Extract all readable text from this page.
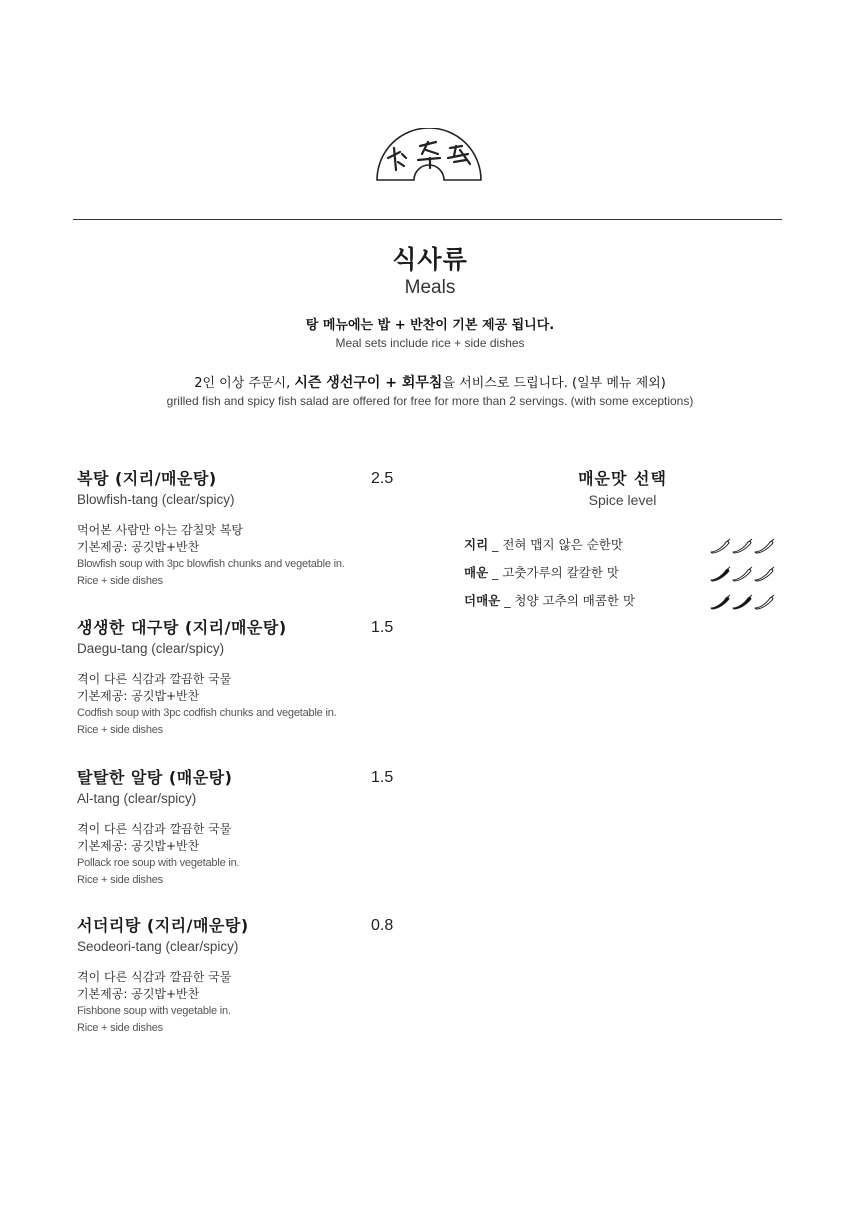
식사류
Meals
탕 메뉴에는 밥 + 반찬이 기본 제공 됩니다.
Meal sets include rice + side dishes
2인 이상 주문시, 시즌 생선구이 + 회무침을 서비스로 드립니다. (일부 메뉴 제외)
grilled fish and spicy fish salad are offered for free for more than 2 servings. (with some exceptions)
복탕 (지리/매운탕)	2.5
Blowfish-tang (clear/spicy)
먹어본 사람만 아는 감칠맛 복탕
기본제공: 공깃밥+반찬
Blowfish soup with 3pc blowfish chunks and vegetable in.
Rice + side dishes
생생한 대구탕 (지리/매운탕)	1.5
Daegu-tang (clear/spicy)
격이 다른 식감과 깔끔한 국물
기본제공: 공깃밥+반찬
Codfish soup with 3pc codfish chunks and vegetable in.
Rice + side dishes
탈탈한 알탕 (매운탕)	1.5
Al-tang (clear/spicy)
격이 다른 식감과 깔끔한 국물
기본제공: 공깃밥+반찬
Pollack roe soup with vegetable in.
Rice + side dishes
서더리탕 (지리/매운탕)	0.8
Seodeori-tang (clear/spicy)
격이 다른 식감과 깔끔한 국물
기본제공: 공깃밥+반찬
Fishbone soup with vegetable in.
Rice + side dishes
매운맛 선택
Spice level
지리 _ 전혀 맵지 않은 순한맛
매운 _ 고춧가루의 칼칼한 맛
더매운 _ 청양 고추의 매콤한 맛
